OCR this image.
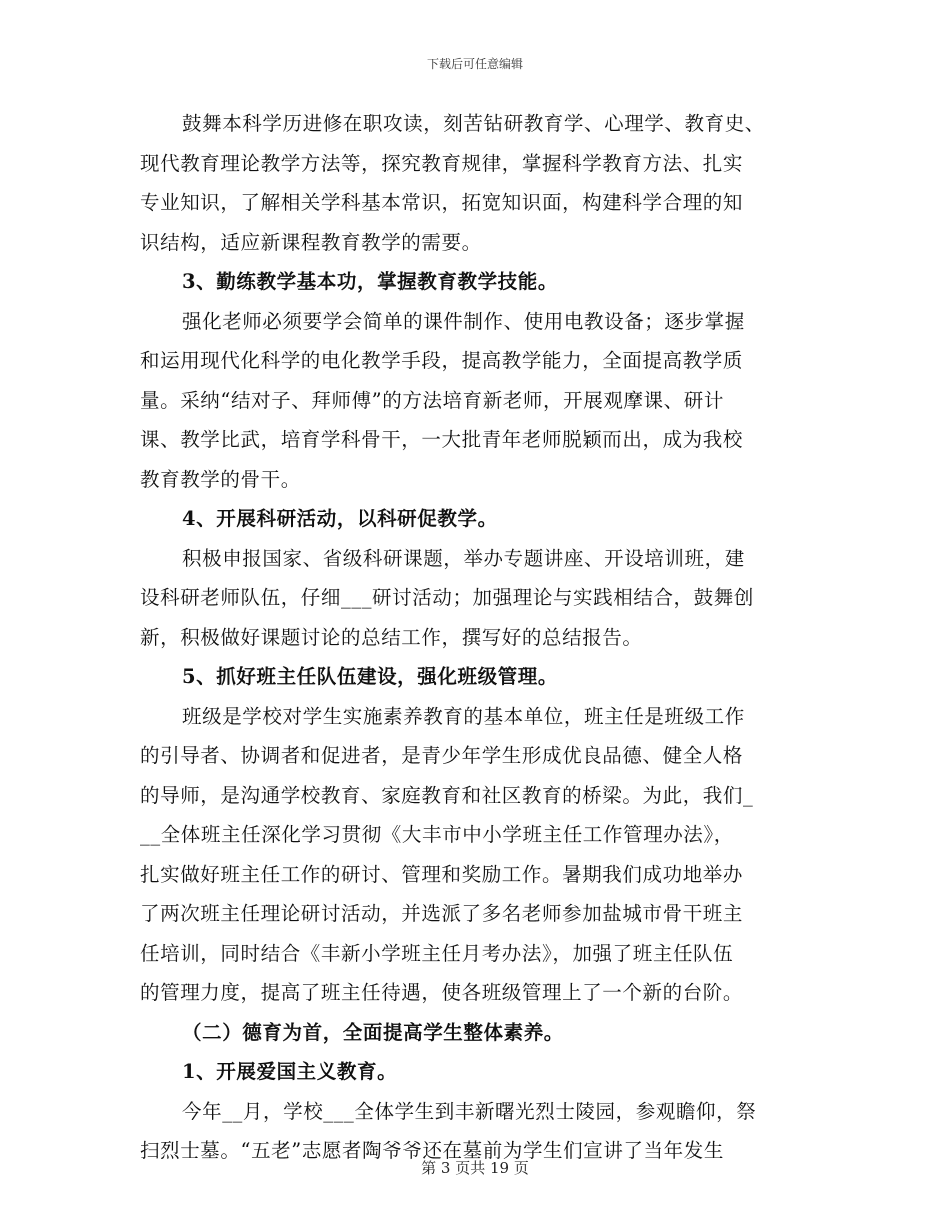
下载后可任意编辑
鼓舞本科学历进修在职攻读，刻苦钻研教育学、心理学、教育史、
现代教育理论教学方法等，探究教育规律，掌握科学教育方法、扎实
专业知识，了解相关学科基本常识，拓宽知识面，构建科学合理的知
识结构，适应新课程教育教学的需要。
3、勤练教学基本功，掌握教育教学技能。
强化老师必须要学会简单的课件制作、使用电教设备；逐步掌握
和运用现代化科学的电化教学手段，提高教学能力，全面提高教学质
量。采纳“结对子、拜师傅”的方法培育新老师，开展观摩课、研计
课、教学比武，培育学科骨干，一大批青年老师脱颖而出，成为我校
教育教学的骨干。
4、开展科研活动，以科研促教学。
积极申报国家、省级科研课题，举办专题讲座、开设培训班，建
设科研老师队伍，仔细___研讨活动；加强理论与实践相结合，鼓舞创
新，积极做好课题讨论的总结工作，撰写好的总结报告。
5、抓好班主任队伍建设，强化班级管理。
班级是学校对学生实施素养教育的基本单位，班主任是班级工作
的引导者、协调者和促进者，是青少年学生形成优良品德、健全人格
的导师，是沟通学校教育、家庭教育和社区教育的桥梁。为此，我们_
__全体班主任深化学习贯彻《大丰市中小学班主任工作管理办法》，
扎实做好班主任工作的研讨、管理和奖励工作。暑期我们成功地举办
了两次班主任理论研讨活动，并选派了多名老师参加盐城市骨干班主
任培训，同时结合《丰新小学班主任月考办法》，加强了班主任队伍
的管理力度，提高了班主任待遇，使各班级管理上了一个新的台阶。
（二）德育为首，全面提高学生整体素养。
1、开展爱国主义教育。
今年__月，学校___全体学生到丰新曙光烈士陵园，参观瞻仰，祭
扫烈士墓。“五老”志愿者陶爷爷还在墓前为学生们宣讲了当年发生
第 3 页共 19 页
